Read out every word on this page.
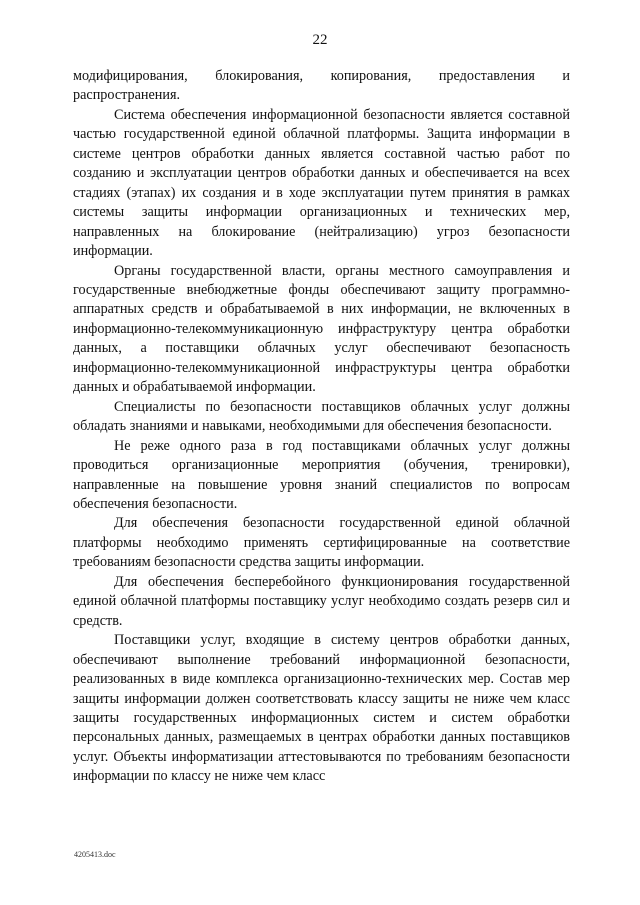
22

модифицирования, блокирования, копирования, предоставления и распространения.

Система обеспечения информационной безопасности является составной частью государственной единой облачной платформы. Защита информации в системе центров обработки данных является составной частью работ по созданию и эксплуатации центров обработки данных и обеспечивается на всех стадиях (этапах) их создания и в ходе эксплуатации путем принятия в рамках системы защиты информации организационных и технических мер, направленных на блокирование (нейтрализацию) угроз безопасности информации.

Органы государственной власти, органы местного самоуправления и государственные внебюджетные фонды обеспечивают защиту программно-аппаратных средств и обрабатываемой в них информации, не включенных в информационно-телекоммуникационную инфраструктуру центра обработки данных, а поставщики облачных услуг обеспечивают безопасность информационно-телекоммуникационной инфраструктуры центра обработки данных и обрабатываемой информации.

Специалисты по безопасности поставщиков облачных услуг должны обладать знаниями и навыками, необходимыми для обеспечения безопасности.

Не реже одного раза в год поставщиками облачных услуг должны проводиться организационные мероприятия (обучения, тренировки), направленные на повышение уровня знаний специалистов по вопросам обеспечения безопасности.

Для обеспечения безопасности государственной единой облачной платформы необходимо применять сертифицированные на соответствие требованиям безопасности средства защиты информации.

Для обеспечения бесперебойного функционирования государственной единой облачной платформы поставщику услуг необходимо создать резерв сил и средств.

Поставщики услуг, входящие в систему центров обработки данных, обеспечивают выполнение требований информационной безопасности, реализованных в виде комплекса организационно-технических мер. Состав мер защиты информации должен соответствовать классу защиты не ниже чем класс защиты государственных информационных систем и систем обработки персональных данных, размещаемых в центрах обработки данных поставщиков услуг. Объекты информатизации аттестовываются по требованиям безопасности информации по классу не ниже чем класс

4205413.doc
